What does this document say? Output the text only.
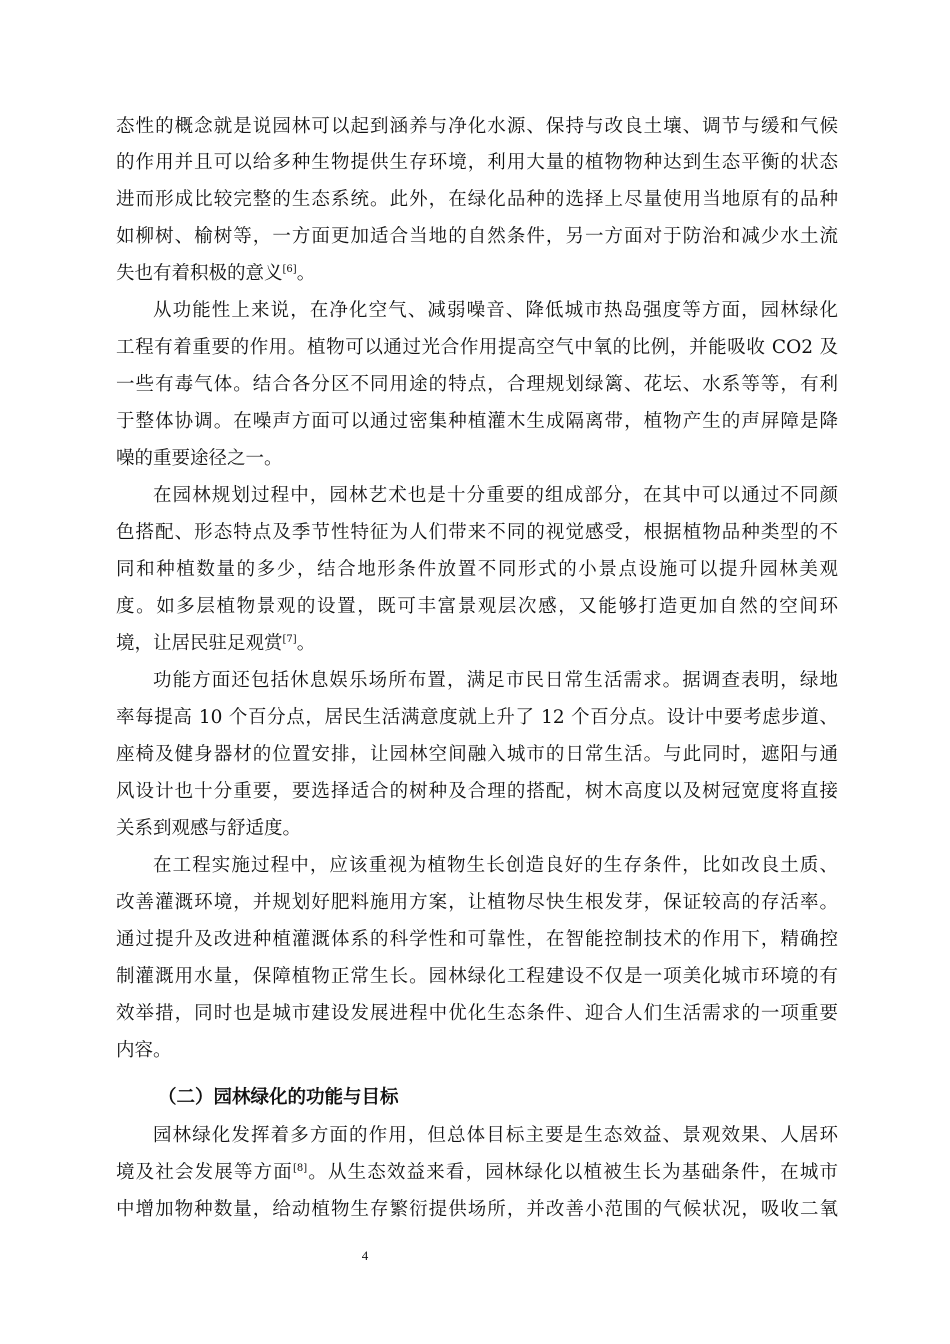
态性的概念就是说园林可以起到涵养与净化水源、保持与改良土壤、调节与缓和气候
的作用并且可以给多种生物提供生存环境，利用大量的植物物种达到生态平衡的状态
进而形成比较完整的生态系统。此外，在绿化品种的选择上尽量使用当地原有的品种
如柳树、榆树等，一方面更加适合当地的自然条件，另一方面对于防治和减少水土流
失也有着积极的意义[6]。
从功能性上来说，在净化空气、减弱噪音、降低城市热岛强度等方面，园林绿化
工程有着重要的作用。植物可以通过光合作用提高空气中氧的比例，并能吸收 CO2 及
一些有毒气体。结合各分区不同用途的特点，合理规划绿篱、花坛、水系等等，有利
于整体协调。在噪声方面可以通过密集种植灌木生成隔离带，植物产生的声屏障是降
噪的重要途径之一。
在园林规划过程中，园林艺术也是十分重要的组成部分，在其中可以通过不同颜
色搭配、形态特点及季节性特征为人们带来不同的视觉感受，根据植物品种类型的不
同和种植数量的多少，结合地形条件放置不同形式的小景点设施可以提升园林美观
度。如多层植物景观的设置，既可丰富景观层次感，又能够打造更加自然的空间环
境，让居民驻足观赏[7]。
功能方面还包括休息娱乐场所布置，满足市民日常生活需求。据调查表明，绿地
率每提高 10 个百分点，居民生活满意度就上升了 12 个百分点。设计中要考虑步道、
座椅及健身器材的位置安排，让园林空间融入城市的日常生活。与此同时，遮阳与通
风设计也十分重要，要选择适合的树种及合理的搭配，树木高度以及树冠宽度将直接
关系到观感与舒适度。
在工程实施过程中，应该重视为植物生长创造良好的生存条件，比如改良土质、
改善灌溉环境，并规划好肥料施用方案，让植物尽快生根发芽，保证较高的存活率。
通过提升及改进种植灌溉体系的科学性和可靠性，在智能控制技术的作用下，精确控
制灌溉用水量，保障植物正常生长。园林绿化工程建设不仅是一项美化城市环境的有
效举措，同时也是城市建设发展进程中优化生态条件、迎合人们生活需求的一项重要
内容。
（二）园林绿化的功能与目标
园林绿化发挥着多方面的作用，但总体目标主要是生态效益、景观效果、人居环
境及社会发展等方面[8]。从生态效益来看，园林绿化以植被生长为基础条件，在城市
中增加物种数量，给动植物生存繁衍提供场所，并改善小范围的气候状况，吸收二氧
4
